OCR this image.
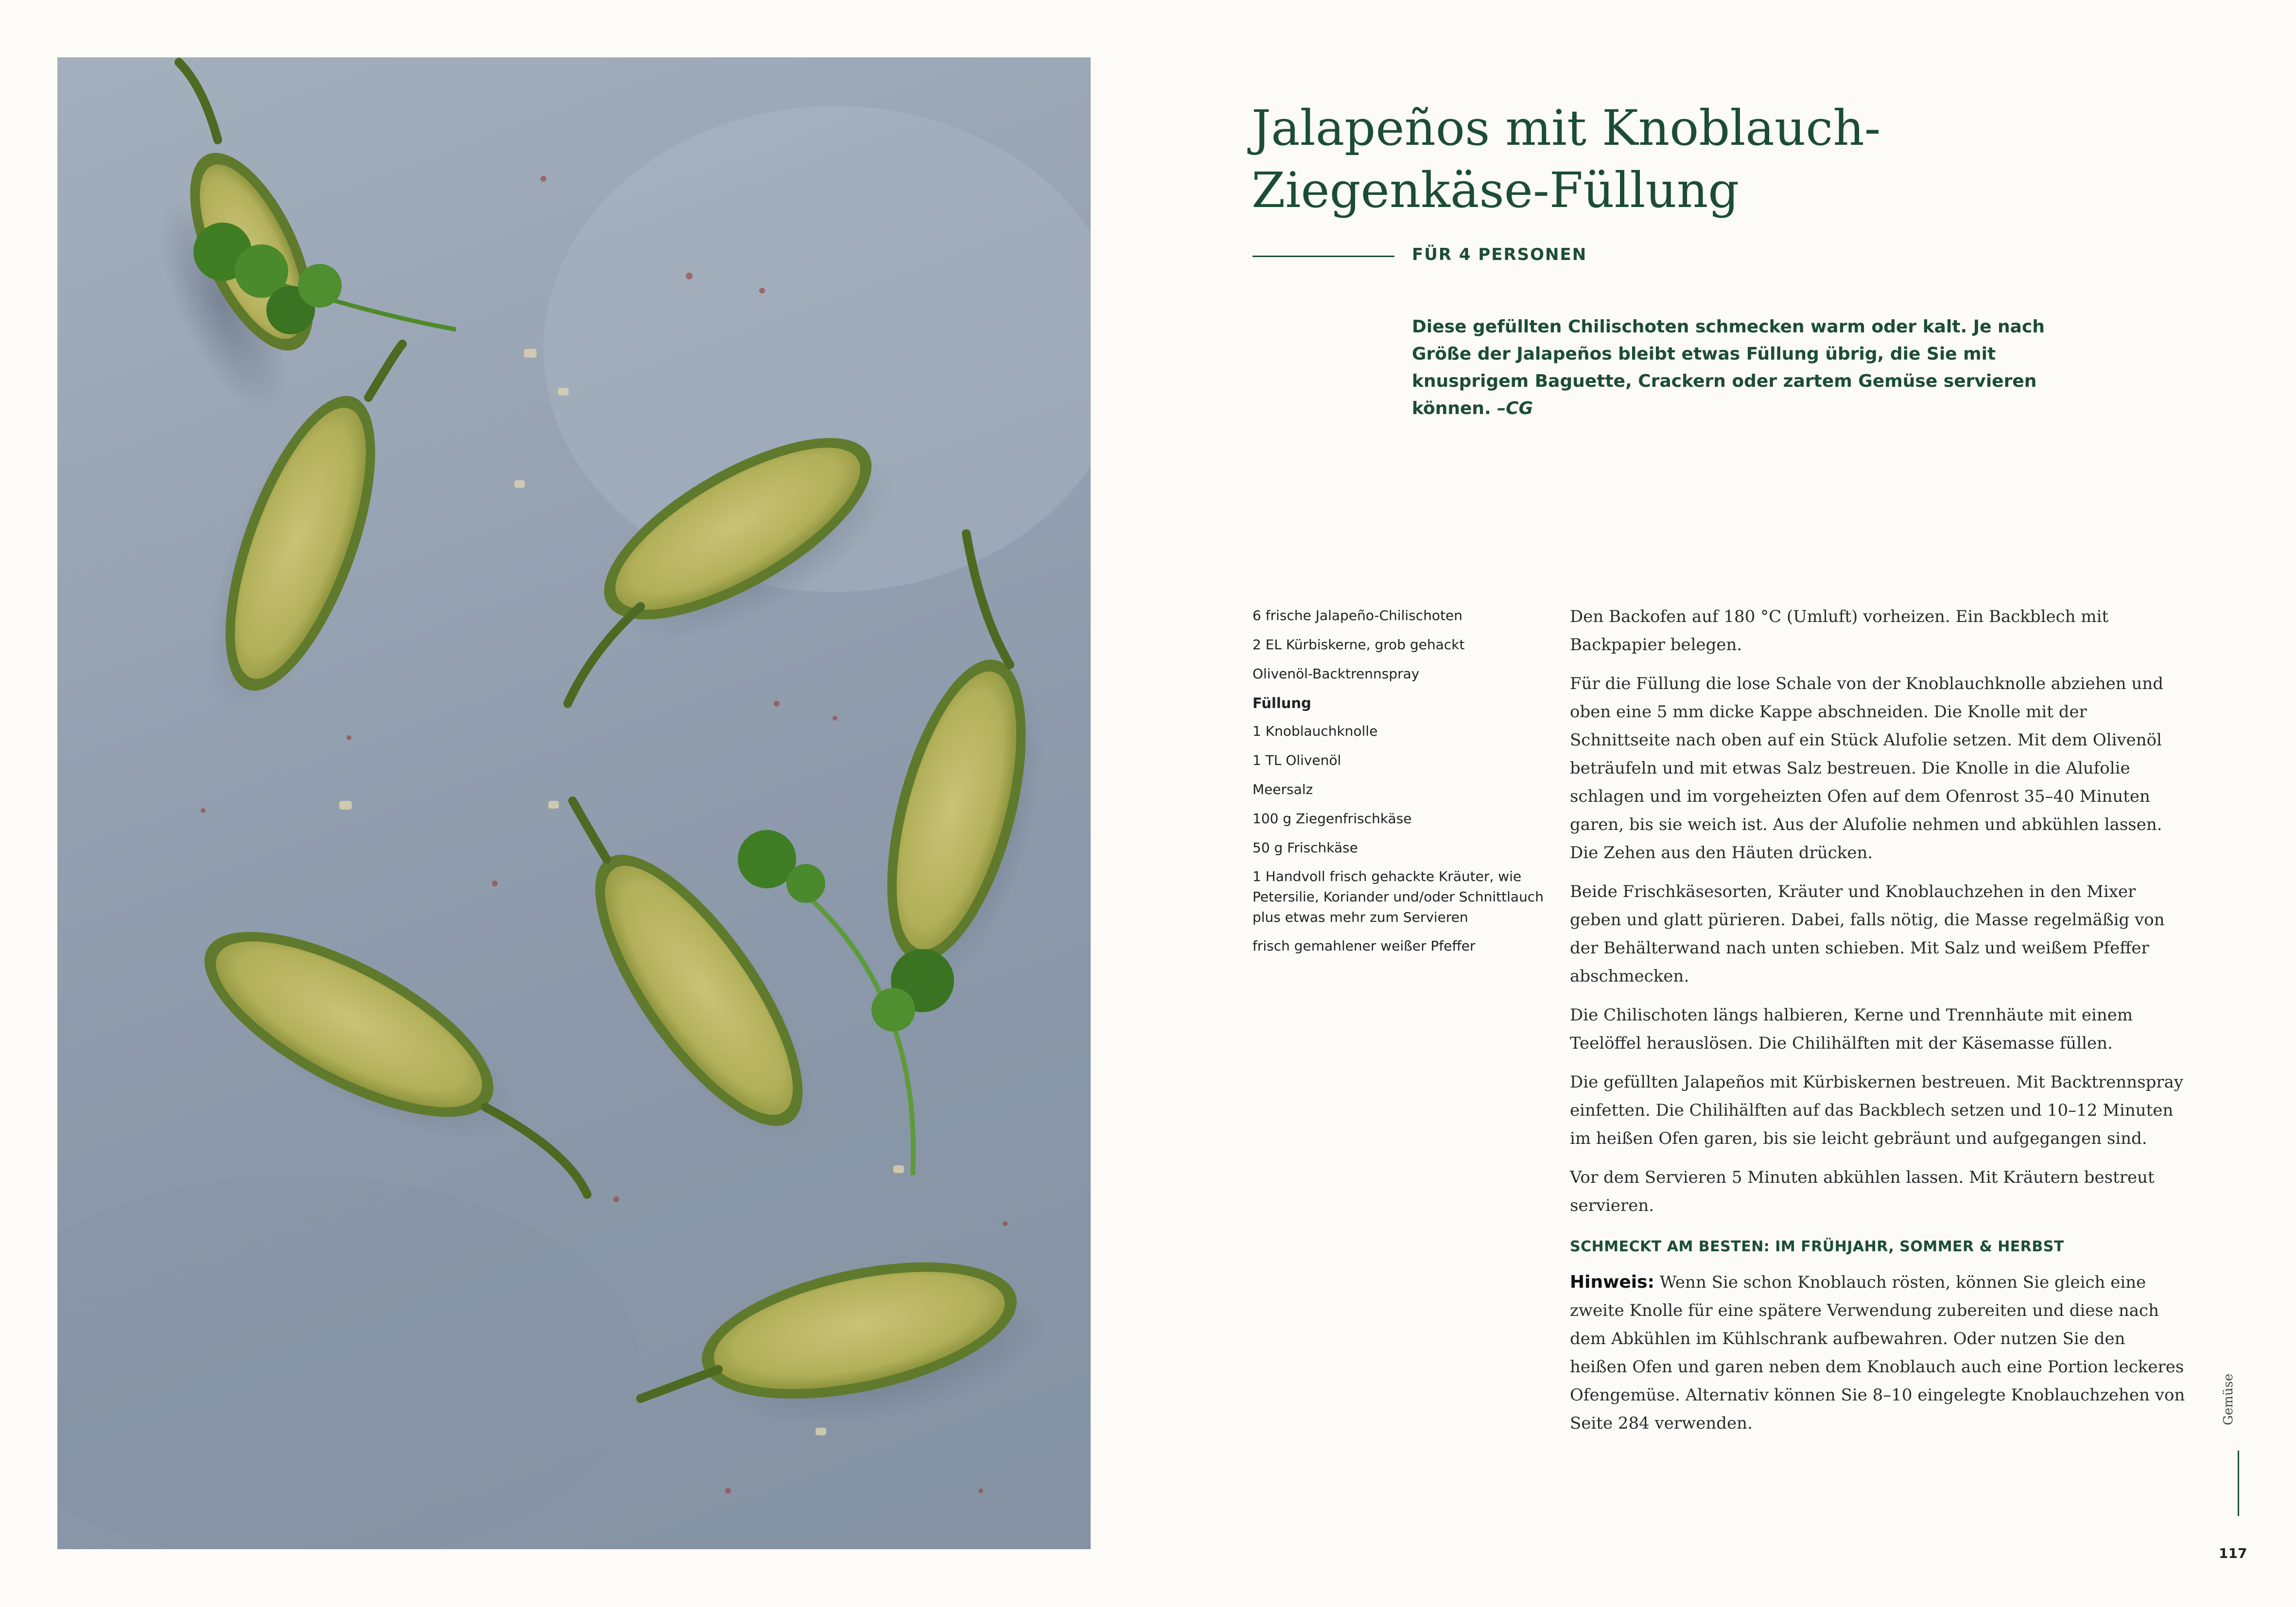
Jalapeños mit Knoblauch-Ziegenkäse-Füllung
FÜR 4 PERSONEN

Diese gefüllten Chilischoten schmecken warm oder kalt. Je nach Größe der Jalapeños bleibt etwas Füllung übrig, die Sie mit knusprigem Baguette, Crackern oder zartem Gemüse servieren können. –CG

6 frische Jalapeño-Chilischoten
2 EL Kürbiskerne, grob gehackt
Olivenöl-Backtrennspray
Füllung
1 Knoblauchknolle
1 TL Olivenöl
Meersalz
100 g Ziegenfrischkäse
50 g Frischkäse
1 Handvoll frisch gehackte Kräuter, wie Petersilie, Koriander und/oder Schnittlauch plus etwas mehr zum Servieren
frisch gemahlener weißer Pfeffer

Den Backofen auf 180 °C (Umluft) vorheizen. Ein Backblech mit Backpapier belegen.

Für die Füllung die lose Schale von der Knoblauchknolle abziehen und oben eine 5 mm dicke Kappe abschneiden. Die Knolle mit der Schnittseite nach oben auf ein Stück Alufolie setzen. Mit dem Olivenöl beträufeln und mit etwas Salz bestreuen. Die Knolle in die Alufolie schlagen und im vorgeheizten Ofen auf dem Ofenrost 35–40 Minuten garen, bis sie weich ist. Aus der Alufolie nehmen und abkühlen lassen. Die Zehen aus den Häuten drücken.

Beide Frischkäsesorten, Kräuter und Knoblauchzehen in den Mixer geben und glatt pürieren. Dabei, falls nötig, die Masse regelmäßig von der Behälterwand nach unten schieben. Mit Salz und weißem Pfeffer abschmecken.

Die Chilischoten längs halbieren, Kerne und Trennhäute mit einem Teelöffel herauslösen. Die Chilihälften mit der Käsemasse füllen.

Die gefüllten Jalapeños mit Kürbiskernen bestreuen. Mit Backtrennspray einfetten. Die Chilihälften auf das Backblech setzen und 10–12 Minuten im heißen Ofen garen, bis sie leicht gebräunt und aufgegangen sind.

Vor dem Servieren 5 Minuten abkühlen lassen. Mit Kräutern bestreut servieren.

SCHMECKT AM BESTEN: IM FRÜHJAHR, SOMMER & HERBST

Hinweis: Wenn Sie schon Knoblauch rösten, können Sie gleich eine zweite Knolle für eine spätere Verwendung zubereiten und diese nach dem Abkühlen im Kühlschrank aufbewahren. Oder nutzen Sie den heißen Ofen und garen neben dem Knoblauch auch eine Portion leckeres Ofengemüse. Alternativ können Sie 8–10 eingelegte Knoblauchzehen von Seite 284 verwenden.	Gemüse
117
